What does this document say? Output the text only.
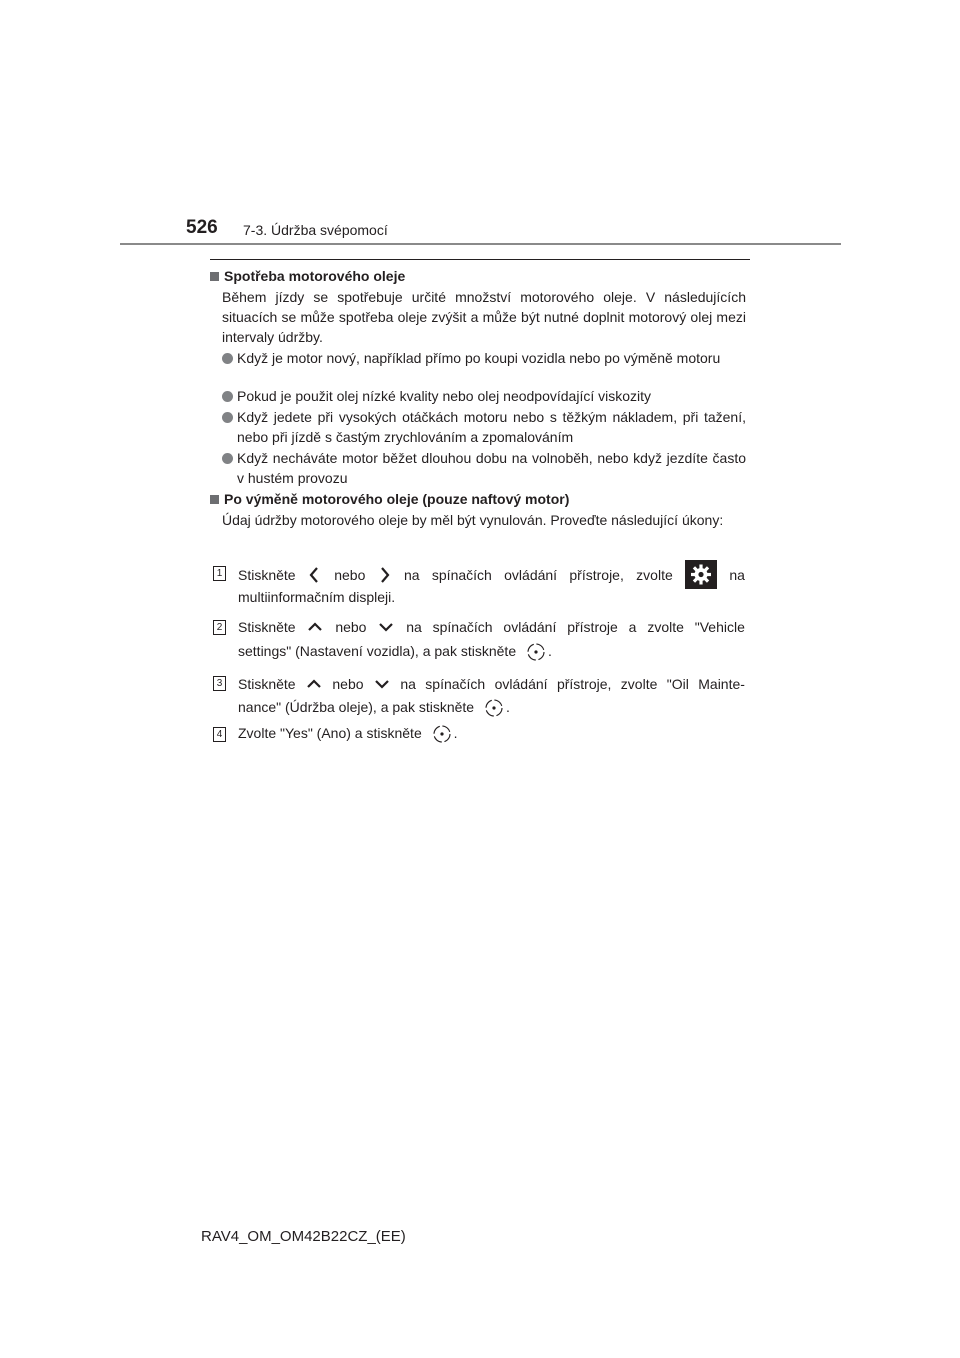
526 7-3. Údržba svépomocí
Spotřeba motorového oleje
Během jízdy se spotřebuje určité množství motorového oleje. V následujících situacích se může spotřeba oleje zvýšit a může být nutné doplnit motorový olej mezi intervaly údržby.
Když je motor nový, například přímo po koupi vozidla nebo po výměně motoru
Pokud je použit olej nízké kvality nebo olej neodpovídající viskozity
Když jedete při vysokých otáčkách motoru nebo s těžkým nákladem, při tažení, nebo při jízdě s častým zrychlováním a zpomalováním
Když necháváte motor běžet dlouhou dobu na volnoběh, nebo když jezdíte často v hustém provozu
Po výměně motorového oleje (pouze naftový motor)
Údaj údržby motorového oleje by měl být vynulován. Proveďte následující úkony:
1 Stiskněte	nebo	na spínačích ovládání přístroje, zvolte	na
multiinformačním displeji.
2 Stiskněte	nebo	na spínačích ovládání přístroje a zvolte "Vehicle
settings" (Nastavení vozidla), a pak stiskněte .
3 Stiskněte	nebo	na spínačích ovládání přístroje, zvolte "Oil Mainte-
nance" (Údržba oleje), a pak stiskněte .
4 Zvolte "Yes" (Ano) a stiskněte .
RAV4_OM_OM42B22CZ_(EE)
